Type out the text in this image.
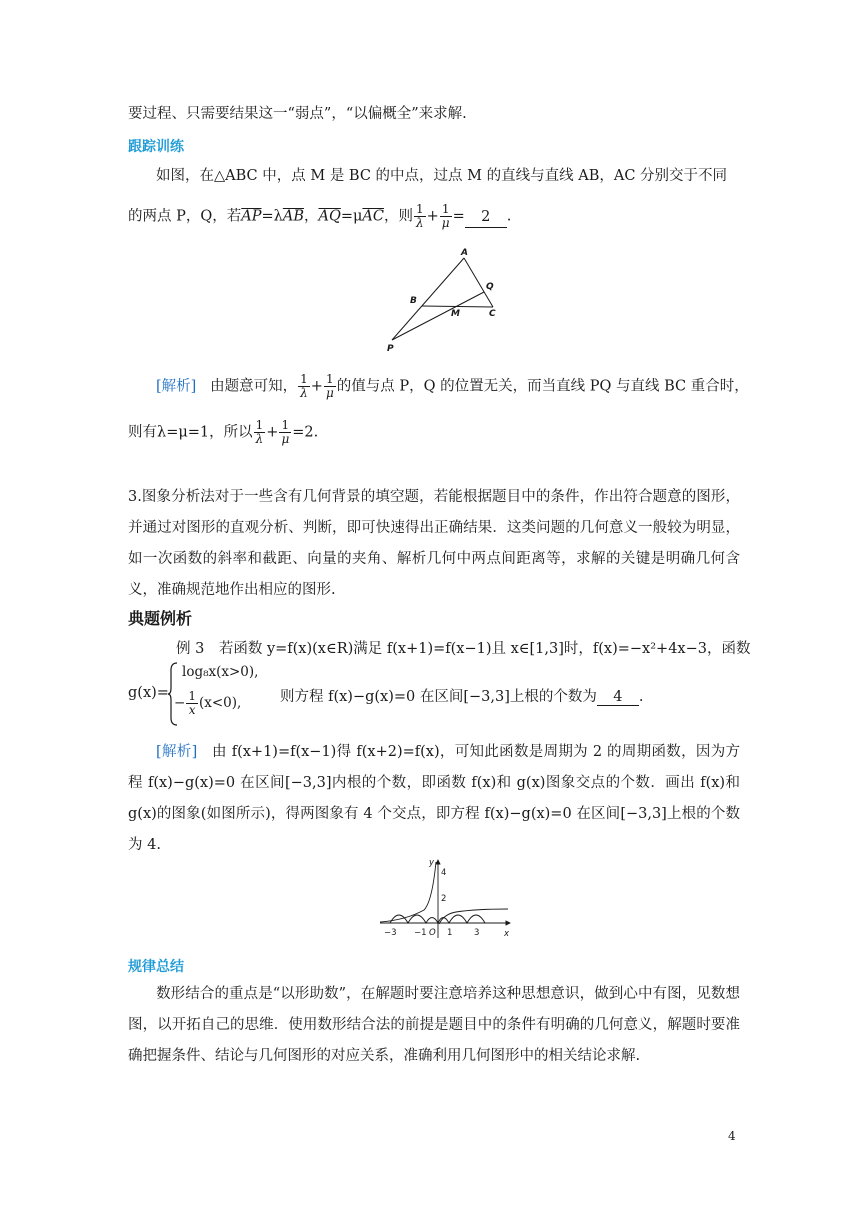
要过程、只需要结果这一“弱点”，“以偏概全”来求解.
跟踪训练
如图，在△ABC 中，点 M 是 BC 的中点，过点 M 的直线与直线 AB，AC 分别交于不同
的两点 P，Q，若$\overline{AP}=\lambda\overline{AB}$，$\overline{AQ}=\mu\overline{AC}$，则 $\frac{1}{\lambda} + \frac{1}{\mu} = 2$ .
A
B
Q
M	C
P
[解析] 由题意可知， $\frac{1}{\lambda} + \frac{1}{\mu}$ 的值与点 P，Q 的位置无关，而当直线 PQ 与直线 BC 重合时，
则有λ=μ=1，所以 $\frac{1}{\lambda} + \frac{1}{\mu} =2$.
3.图象分析法对于一些含有几何背景的填空题，若能根据题目中的条件，作出符合题意的图形，并通过对图形的直观分析、判断，即可快速得出正确结果．这类问题的几何意义一般较为明显，如一次函数的斜率和截距、向量的夹角、解析几何中两点间距离等，求解的关键是明确几何含义，准确规范地作出相应的图形.
典题例析
例 3　若函数 y=f(x)(x∈R)满足 f(x+1)=f(x−1)且 x∈[1,3]时，f(x)=−x²+4x−3，函数
g(x)=
log₈x(x>0),
− $\frac{1}{x} (x<0)$,	则方程 f(x)−g(x)=0 在区间[−3,3]上根的个数为 4 .
[解析] 由 f(x+1)=f(x−1)得 f(x+2)=f(x)，可知此函数是周期为 2 的周期函数，因为方程 f(x)−g(x)=0 在区间[−3,3]内根的个数，即函数 f(x)和 g(x)图象交点的个数．画出 f(x)和 g(x)的图象(如图所示)，得两图象有 4 个交点，即方程 f(x)−g(x)=0 在区间[−3,3]上根的个数为 4.
y
4
2
x
−3 −1 O 1	3
规律总结
数形结合的重点是“以形助数”，在解题时要注意培养这种思想意识，做到心中有图，见数想图，以开拓自己的思维．使用数形结合法的前提是题目中的条件有明确的几何意义，解题时要准确把握条件、结论与几何图形的对应关系，准确利用几何图形中的相关结论求解.
4
